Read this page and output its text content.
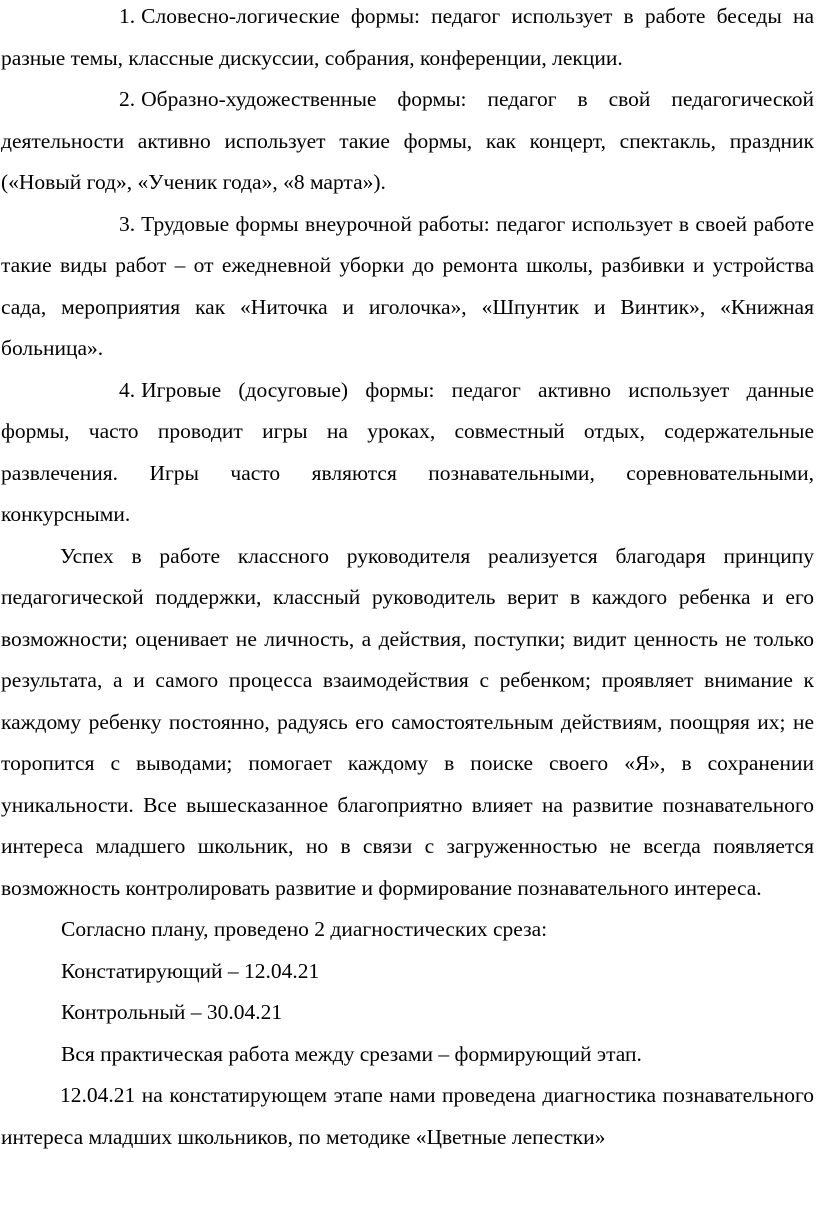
1. Словесно-логические формы: педагог использует в работе беседы на разные темы, классные дискуссии, собрания, конференции, лекции.

2. Образно-художественные формы: педагог в свой педагогической деятельности активно использует такие формы, как концерт, спектакль, праздник («Новый год», «Ученик года», «8 марта»).

3. Трудовые формы внеурочной работы: педагог использует в своей работе такие виды работ – от ежедневной уборки до ремонта школы, разбивки и устройства сада, мероприятия как «Ниточка и иголочка», «Шпунтик и Винтик», «Книжная больница».

4. Игровые (досуговые) формы: педагог активно использует данные формы, часто проводит игры на уроках, совместный отдых, содержательные развлечения. Игры часто являются познавательными, соревновательными, конкурсными.

Успех в работе классного руководителя реализуется благодаря принципу педагогической поддержки, классный руководитель верит в каждого ребенка и его возможности; оценивает не личность, а действия, поступки; видит ценность не только результата, а и самого процесса взаимодействия с ребенком; проявляет внимание к каждому ребенку постоянно, радуясь его самостоятельным действиям, поощряя их; не торопится с выводами; помогает каждому в поиске своего «Я», в сохранении уникальности. Все вышесказанное благоприятно влияет на развитие познавательного интереса младшего школьник, но в связи с загруженностью не всегда появляется возможность контролировать развитие и формирование познавательного интереса.

Согласно плану, проведено 2 диагностических среза:

Констатирующий – 12.04.21

Контрольный – 30.04.21

Вся практическая работа между срезами – формирующий этап.

12.04.21 на констатирующем этапе нами проведена диагностика познавательного интереса младших школьников, по методике «Цветные лепестки»
